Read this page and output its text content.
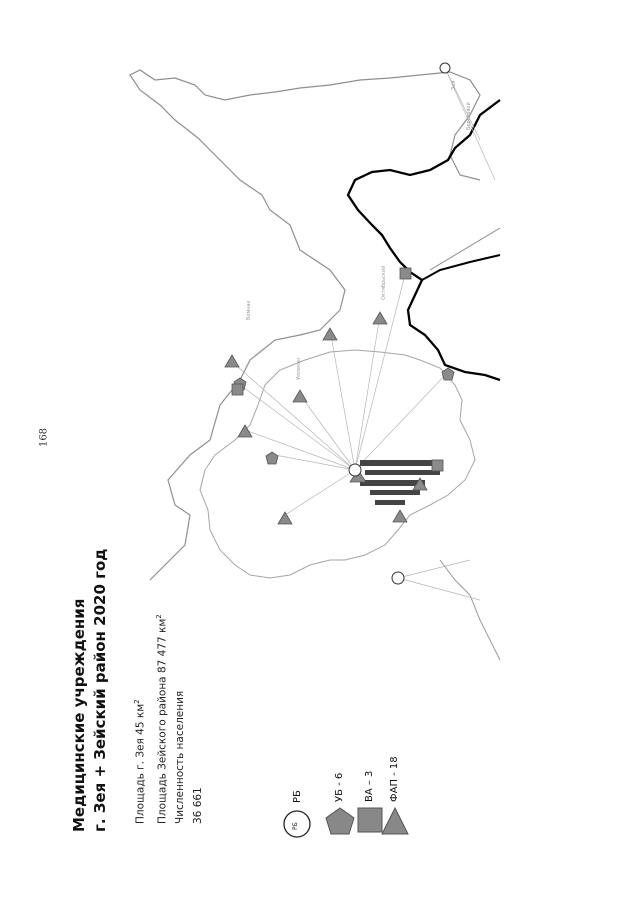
168
Зея
Береговой
Октябрьский
Умлекан
Бомнак
Медицинские учреждения г. Зея + Зейский район 2020 год	Площадь г. Зея 45 $км^2$	Площадь Зейского района 87 477 $км^2$
Численность населения 36 661
РБ
РБ	УБ - 6 ВА – 3 ФАП - 18
